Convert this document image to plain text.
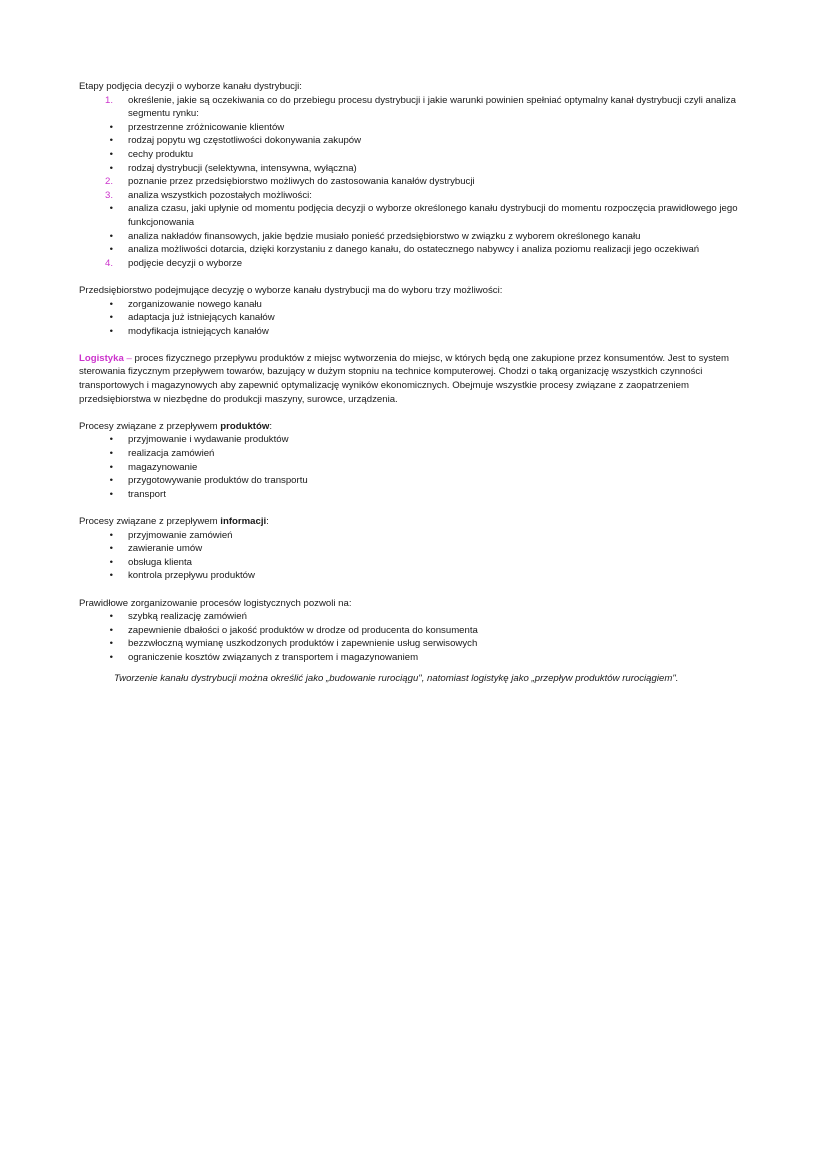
Etapy podjęcia decyzji o wyborze kanału dystrybucji:

1. określenie, jakie są oczekiwania co do przebiegu procesu dystrybucji i jakie warunki powinien spełniać optymalny kanał dystrybucji czyli analiza segmentu rynku:
• przestrzenne zróżnicowanie klientów
• rodzaj popytu wg częstotliwości dokonywania zakupów
• cechy produktu
• rodzaj dystrybucji (selektywna, intensywna, wyłączna)
2. poznanie przez przedsiębiorstwo możliwych do zastosowania kanałów dystrybucji
3. analiza wszystkich pozostałych możliwości:
• analiza czasu, jaki upłynie od momentu podjęcia decyzji o wyborze określonego kanału dystrybucji do momentu rozpoczęcia prawidłowego jego funkcjonowania
• analiza nakładów finansowych, jakie będzie musiało ponieść przedsiębiorstwo w związku z wyborem określonego kanału
• analiza możliwości dotarcia, dzięki korzystaniu z danego kanału, do ostatecznego nabywcy i analiza poziomu realizacji jego oczekiwań
4. podjęcie decyzji o wyborze

Przedsiębiorstwo podejmujące decyzję o wyborze kanału dystrybucji ma do wyboru trzy możliwości:

• zorganizowanie nowego kanału
• adaptacja już istniejących kanałów
• modyfikacja istniejących kanałów

Logistyka – proces fizycznego przepływu produktów z miejsc wytworzenia do miejsc, w których będą one zakupione przez konsumentów. Jest to system sterowania fizycznym przepływem towarów, bazujący w dużym stopniu na technice komputerowej. Chodzi o taką organizację wszystkich czynności transportowych i magazynowych aby zapewnić optymalizację wyników ekonomicznych. Obejmuje wszystkie procesy związane z zaopatrzeniem przedsiębiorstwa w niezbędne do produkcji maszyny, surowce, urządzenia.

Procesy związane z przepływem produktów:

• przyjmowanie i wydawanie produktów
• realizacja zamówień
• magazynowanie
• przygotowywanie produktów do transportu
• transport

Procesy związane z przepływem informacji:

• przyjmowanie zamówień
• zawieranie umów
• obsługa klienta
• kontrola przepływu produktów

Prawidłowe zorganizowanie procesów logistycznych pozwoli na:

• szybką realizację zamówień
• zapewnienie dbałości o jakość produktów w drodze od producenta do konsumenta
• bezzwłoczną wymianę uszkodzonych produktów i zapewnienie usług serwisowych
• ograniczenie kosztów związanych z transportem i magazynowaniem

Tworzenie kanału dystrybucji można określić jako „budowanie rurociągu", natomiast logistykę jako „przepływ produktów rurociągiem".
